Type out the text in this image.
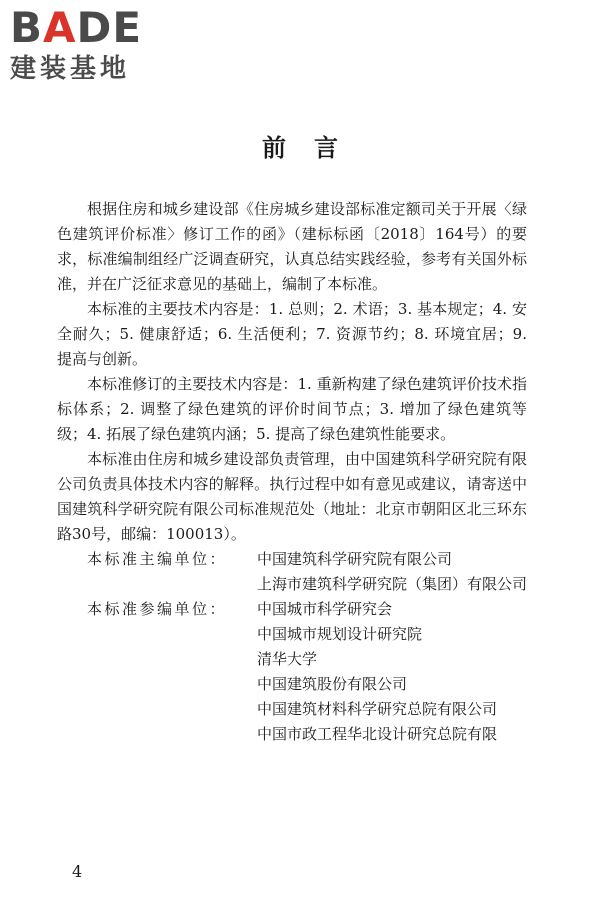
BADE
建装基地
前言

根据住房和城乡建设部《住房城乡建设部标准定额司关于开展〈绿色建筑评价标准〉修订工作的函》（建标标函〔2018〕164号）的要求，标准编制组经广泛调查研究，认真总结实践经验，参考有关国外标准，并在广泛征求意见的基础上，编制了本标准。

本标准的主要技术内容是：1. 总则；2. 术语；3. 基本规定；4. 安全耐久；5. 健康舒适；6. 生活便利；7. 资源节约；8. 环境宜居；9. 提高与创新。

本标准修订的主要技术内容是：1. 重新构建了绿色建筑评价技术指标体系；2. 调整了绿色建筑的评价时间节点；3. 增加了绿色建筑等级；4. 拓展了绿色建筑内涵；5. 提高了绿色建筑性能要求。

本标准由住房和城乡建设部负责管理，由中国建筑科学研究院有限公司负责具体技术内容的解释。执行过程中如有意见或建议，请寄送中国建筑科学研究院有限公司标准规范处（地址：北京市朝阳区北三环东路30号，邮编：100013）。

本标准主编单位：	中国建筑科学研究院有限公司
上海市建筑科学研究院（集团）有限公司
本标准参编单位：	中国城市科学研究会
中国城市规划设计研究院
清华大学
中国建筑股份有限公司
中国建筑材料科学研究总院有限公司
中国市政工程华北设计研究总院有限
4
